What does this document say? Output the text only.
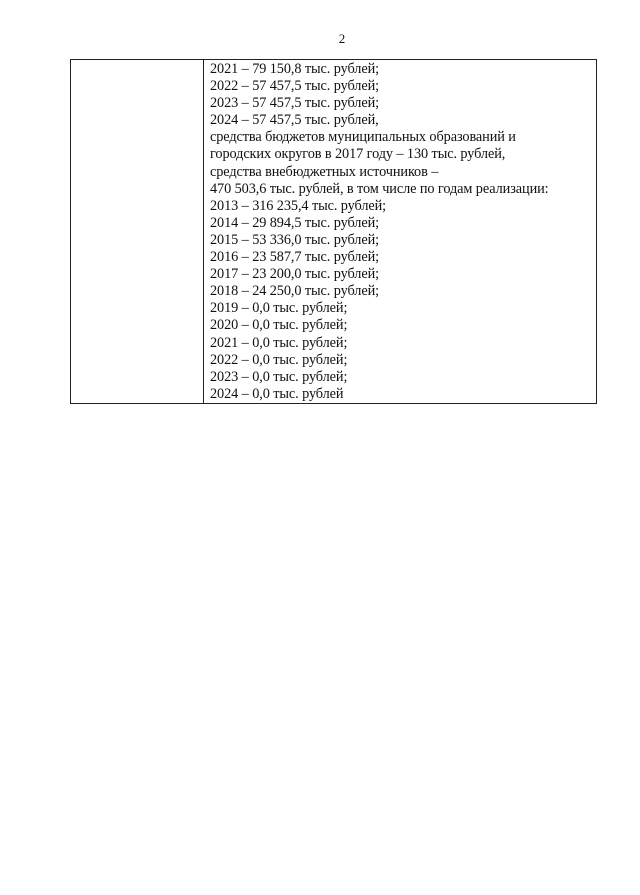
2
2021 – 79 150,8 тыс. рублей;
2022 – 57 457,5 тыс. рублей;
2023 – 57 457,5 тыс. рублей;
2024 – 57 457,5 тыс. рублей,
средства бюджетов муниципальных образований и
городских округов в 2017 году – 130 тыс. рублей,
средства внебюджетных источников –
470 503,6 тыс. рублей, в том числе по годам реализации:
2013 – 316 235,4 тыс. рублей;
2014 – 29 894,5 тыс. рублей;
2015 – 53 336,0 тыс. рублей;
2016 – 23 587,7 тыс. рублей;
2017 – 23 200,0 тыс. рублей;
2018 – 24 250,0 тыс. рублей;
2019 – 0,0 тыс. рублей;
2020 – 0,0 тыс. рублей;
2021 – 0,0 тыс. рублей;
2022 – 0,0 тыс. рублей;
2023 – 0,0 тыс. рублей;
2024 – 0,0 тыс. рублей
